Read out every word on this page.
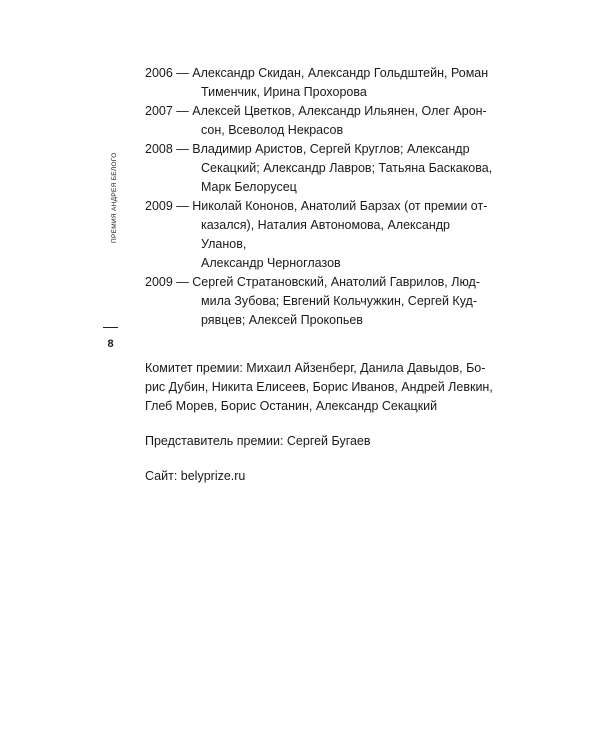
ПРЕМИЯ АНДРЕЯ БЕЛОГО
8
2006 — Александр Скидан, Александр Гольдштейн, Роман
Тименчик, Ирина Прохорова
2007 — Алексей Цветков, Александр Ильянен, Олег Арон-
сон, Всеволод Некрасов
2008 — Владимир Аристов, Сергей Круглов; Александр
Секацкий; Александр Лавров; Татьяна Баскакова,
Марк Белорусец
2009 — Николай Кононов, Анатолий Барзах (от премии от-
казался), Наталия Автономова, Александр Уланов,
Александр Черноглазов
2009 — Сергей Стратановский, Анатолий Гаврилов, Люд-
мила Зубова; Евгений Кольчужкин, Сергей Куд-
рявцев; Алексей Прокопьев
Комитет премии: Михаил Айзенберг, Данила Давыдов, Бо-
рис Дубин, Никита Елисеев, Борис Иванов, Андрей Левкин,
Глеб Морев, Борис Останин, Александр Секацкий
Представитель премии: Сергей Бугаев
Сайт: belyprize.ru
